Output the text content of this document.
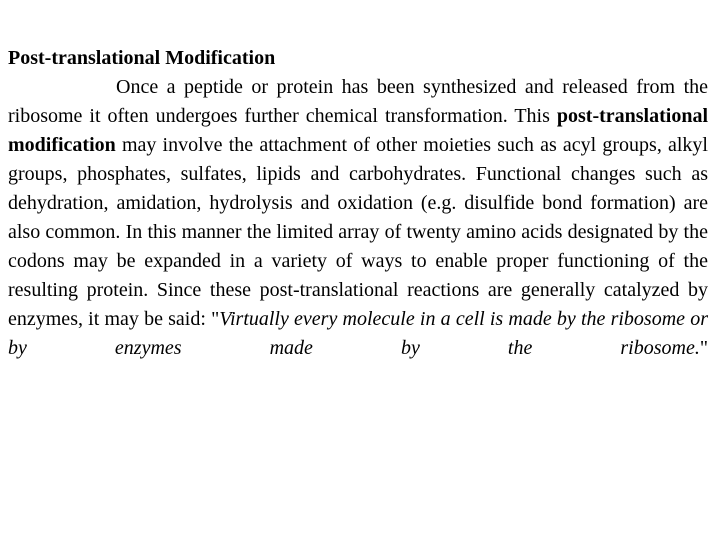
Post-translational Modification

Once a peptide or protein has been synthesized and released from the ribosome it often undergoes further chemical transformation. This post-translational modification may involve the attachment of other moieties such as acyl groups, alkyl groups, phosphates, sulfates, lipids and carbohydrates. Functional changes such as dehydration, amidation, hydrolysis and oxidation (e.g. disulfide bond formation) are also common. In this manner the limited array of twenty amino acids designated by the codons may be expanded in a variety of ways to enable proper functioning of the resulting protein. Since these post-translational reactions are generally catalyzed by enzymes, it may be said: "Virtually every molecule in a cell is made by the ribosome or by enzymes made by the ribosome."
